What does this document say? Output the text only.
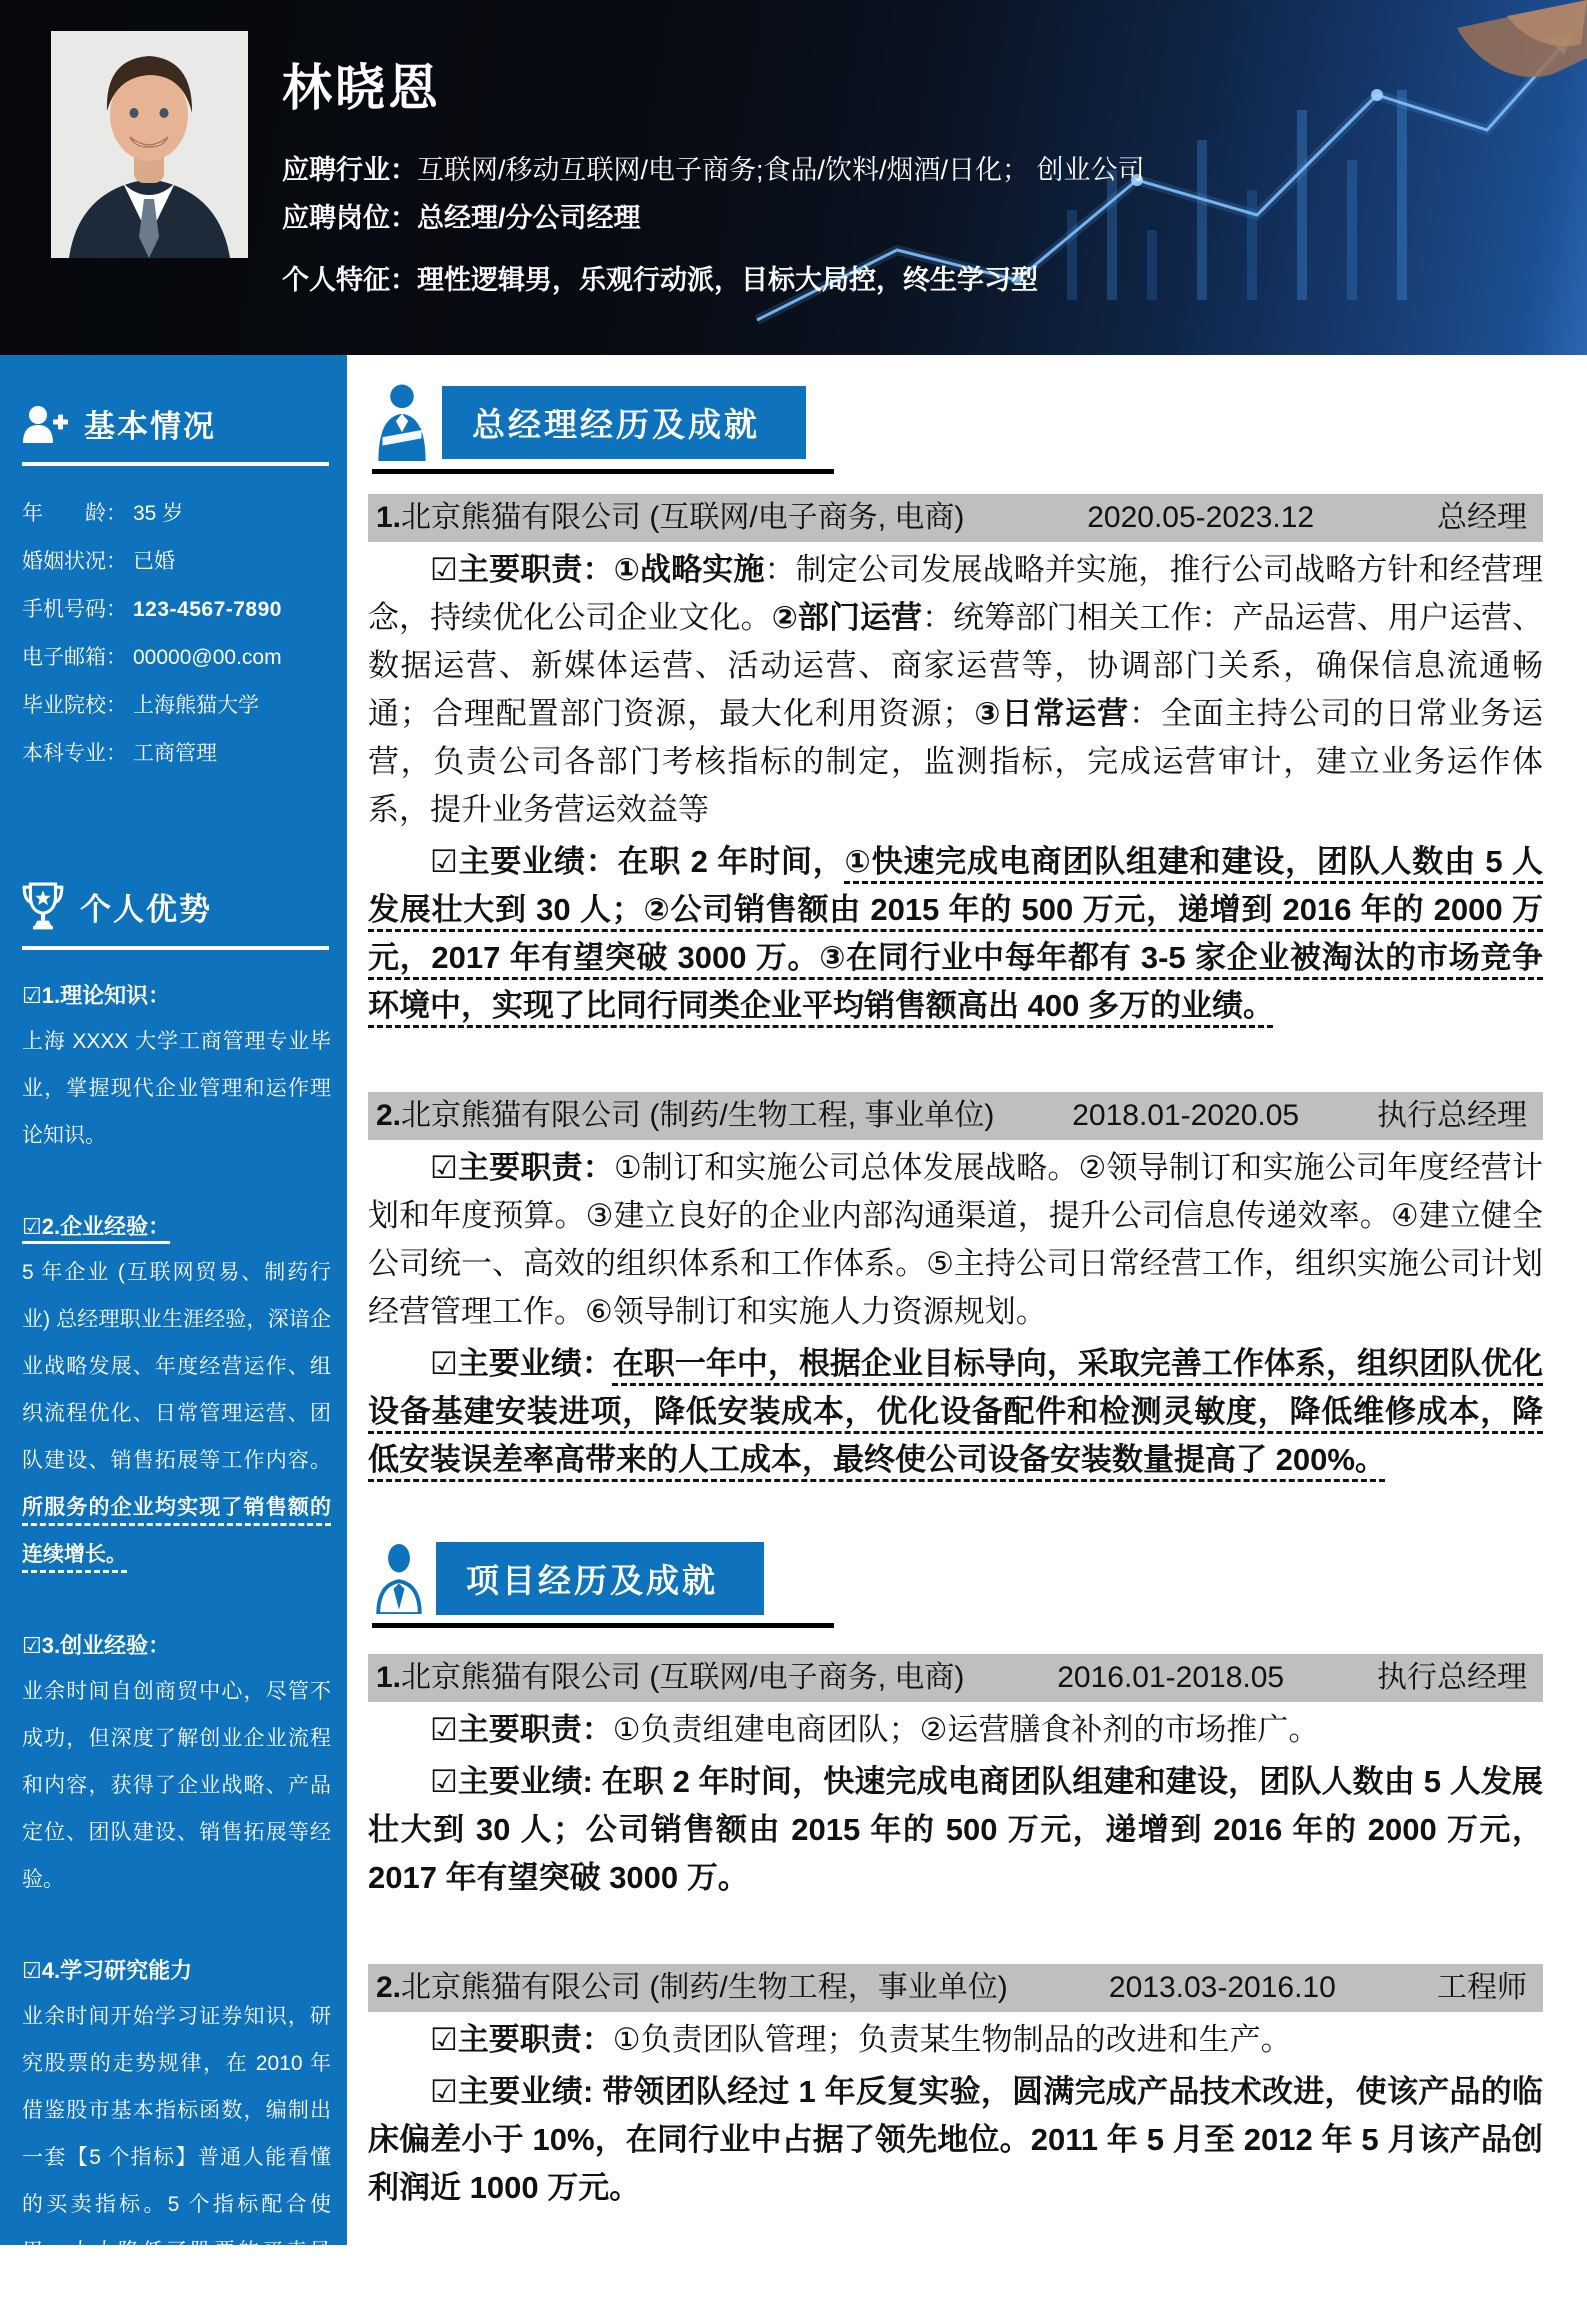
林晓恩
应聘行业：互联网/移动互联网/电子商务;食品/饮料/烟酒/日化； 创业公司
应聘岗位：总经理/分公司经理
个人特征：理性逻辑男，乐观行动派，目标大局控，终生学习型
基本情况
年　　龄： 35 岁
婚姻状况： 已婚
手机号码： 123-4567-7890
电子邮箱： 00000@00.com
毕业院校： 上海熊猫大学
本科专业： 工商管理
个人优势
☑1.理论知识：
上海 XXXX 大学工商管理专业毕业，掌握现代企业管理和运作理论知识。
☑2.企业经验：
5 年企业 (互联网贸易、制药行业) 总经理职业生涯经验，深谙企业战略发展、年度经营运作、组织流程优化、日常管理运营、团队建设、销售拓展等工作内容。所服务的企业均实现了销售额的连续增长。
☑3.创业经验：
业余时间自创商贸中心，尽管不成功，但深度了解创业企业流程和内容，获得了企业战略、产品定位、团队建设、销售拓展等经验。
☑4.学习研究能力
业余时间开始学习证券知识，研究股票的走势规律，在 2010 年借鉴股市基本指标函数，编制出一套【5 个指标】普通人能看懂的买卖指标。5 个指标配合使用，大大降低了股票的买卖风险。
总经理经历及成就
1.北京熊猫有限公司 (互联网/电子商务, 电商)	2020.05-2023.12	总经理

☑主要职责：①战略实施：制定公司发展战略并实施，推行公司战略方针和经营理念，持续优化公司企业文化。②部门运营：统筹部门相关工作：产品运营、用户运营、数据运营、新媒体运营、活动运营、商家运营等，协调部门关系，确保信息流通畅通；合理配置部门资源，最大化利用资源；③日常运营：全面主持公司的日常业务运营，负责公司各部门考核指标的制定，监测指标，完成运营审计，建立业务运作体系，提升业务营运效益等

☑主要业绩：在职 2 年时间，①快速完成电商团队组建和建设，团队人数由 5 人发展壮大到 30 人；②公司销售额由 2015 年的 500 万元，递增到 2016 年的 2000 万元，2017 年有望突破 3000 万。③在同行业中每年都有 3-5 家企业被淘汰的市场竞争环境中，实现了比同行同类企业平均销售额高出 400 多万的业绩。

2.北京熊猫有限公司 (制药/生物工程, 事业单位)	2018.01-2020.05	执行总经理

☑主要职责：①制订和实施公司总体发展战略。②领导制订和实施公司年度经营计划和年度预算。③建立良好的企业内部沟通渠道，提升公司信息传递效率。④建立健全公司统一、高效的组织体系和工作体系。⑤主持公司日常经营工作，组织实施公司计划经营管理工作。⑥领导制订和实施人力资源规划。

☑主要业绩：在职一年中，根据企业目标导向，采取完善工作体系，组织团队优化设备基建安装进项，降低安装成本，优化设备配件和检测灵敏度，降低维修成本，降低安装误差率高带来的人工成本，最终使公司设备安装数量提高了 200%。

项目经历及成就
1.北京熊猫有限公司 (互联网/电子商务, 电商)	2016.01-2018.05	执行总经理

☑主要职责：①负责组建电商团队；②运营膳食补剂的市场推广。

☑主要业绩: 在职 2 年时间，快速完成电商团队组建和建设，团队人数由 5 人发展壮大到 30 人；公司销售额由 2015 年的 500 万元，递增到 2016 年的 2000 万元，2017 年有望突破 3000 万。

2.北京熊猫有限公司 (制药/生物工程，事业单位)	2013.03-2016.10	工程师

☑主要职责：①负责团队管理；负责某生物制品的改进和生产。

☑主要业绩: 带领团队经过 1 年反复实验，圆满完成产品技术改进，使该产品的临床偏差小于 10%，在同行业中占据了领先地位。2011 年 5 月至 2012 年 5 月该产品创利润近 1000 万元。
